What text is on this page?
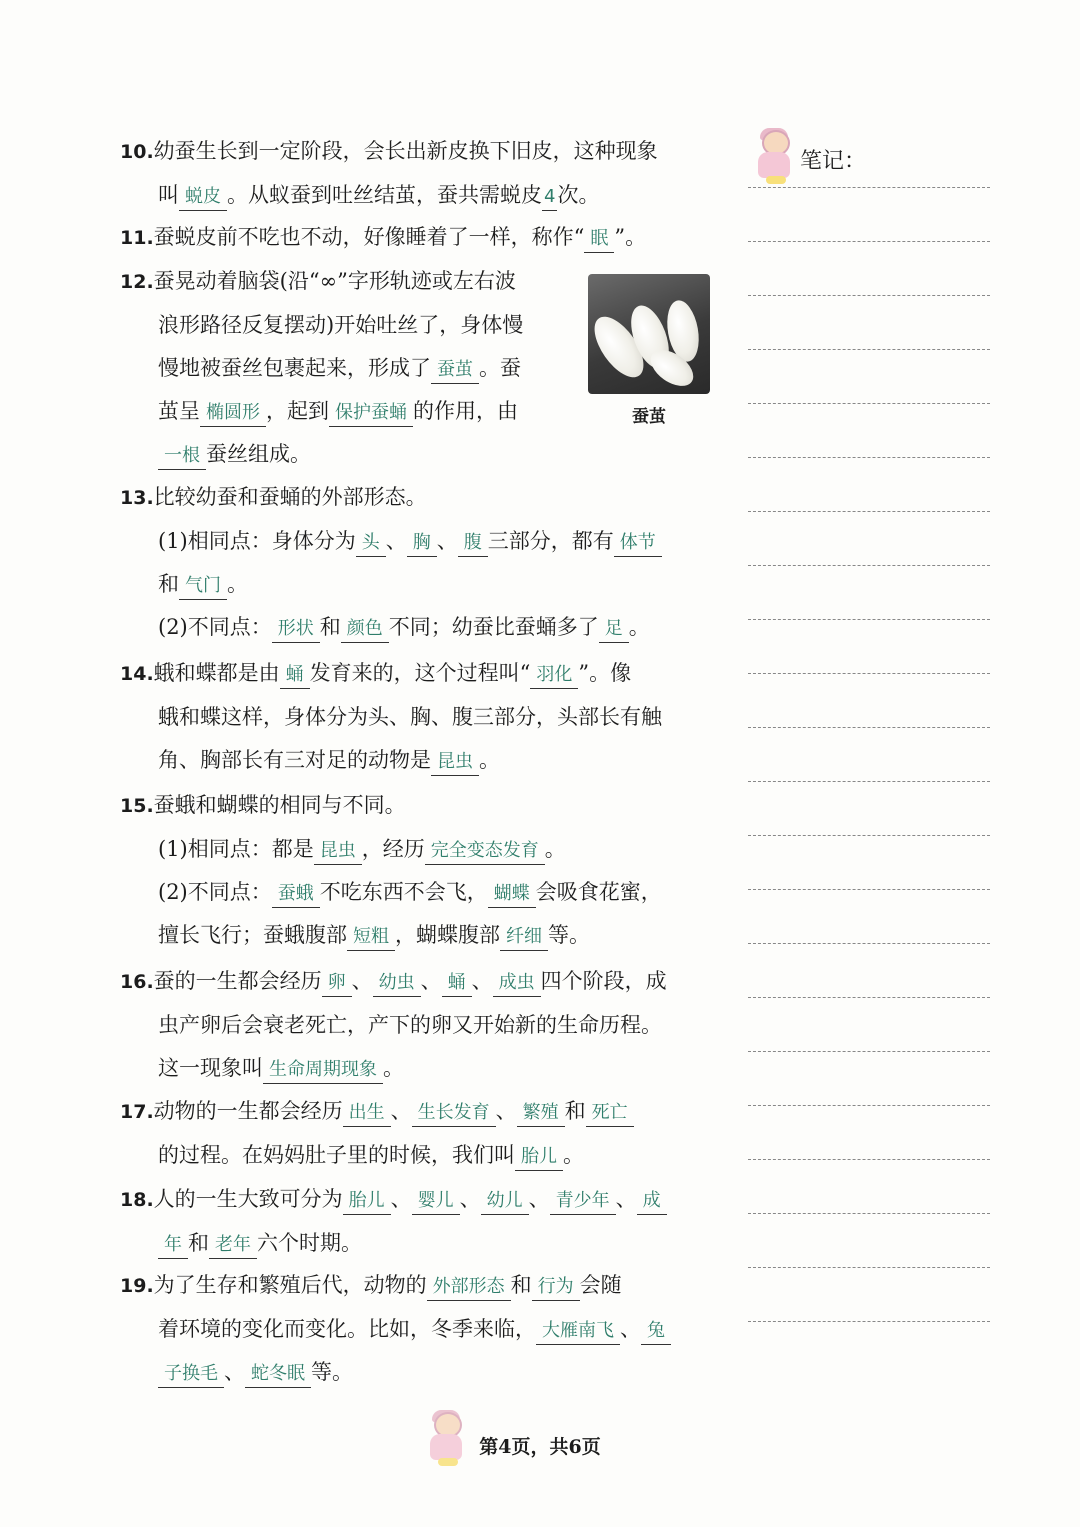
笔记：
10.幼蚕生长到一定阶段，会长出新皮换下旧皮，这种现象
叫 蜕皮 。从蚁蚕到吐丝结茧，蚕共需蜕皮 4次。
11.蚕蜕皮前不吃也不动，好像睡着了一样，称作“ 眠 ”。
12.蚕晃动着脑袋(沿“∞”字形轨迹或左右波
浪形路径反复摆动)开始吐丝了，身体慢
慢地被蚕丝包裹起来，形成了 蚕茧 。蚕
茧呈 椭圆形 ，起到 保护蚕蛹 的作用，由
一根 蚕丝组成。
蚕茧
13.比较幼蚕和蚕蛹的外部形态。
(1)相同点：身体分为 头 、 胸 、 腹 三部分，都有 体节
和 气门 。
(2)不同点： 形状 和 颜色 不同；幼蚕比蚕蛹多了 足 。
14.蛾和蝶都是由 蛹 发育来的，这个过程叫“ 羽化 ”。像
蛾和蝶这样，身体分为头、胸、腹三部分，头部长有触
角、胸部长有三对足的动物是 昆虫 。
15.蚕蛾和蝴蝶的相同与不同。
(1)相同点：都是 昆虫 ，经历 完全变态发育 。
(2)不同点： 蚕蛾 不吃东西不会飞， 蝴蝶 会吸食花蜜，
擅长飞行；蚕蛾腹部 短粗 ，蝴蝶腹部 纤细 等。
16.蚕的一生都会经历 卵 、 幼虫 、 蛹 、 成虫 四个阶段，成
虫产卵后会衰老死亡，产下的卵又开始新的生命历程。
这一现象叫 生命周期现象 。
17.动物的一生都会经历 出生 、 生长发育 、 繁殖 和 死亡
的过程。在妈妈肚子里的时候，我们叫 胎儿 。
18.人的一生大致可分为 胎儿 、 婴儿 、 幼儿 、 青少年 、 成
年 和 老年 六个时期。
19.为了生存和繁殖后代，动物的 外部形态 和 行为 会随
着环境的变化而变化。比如，冬季来临， 大雁南飞 、 兔
子换毛 、 蛇冬眠 等。
第4页，共6页
